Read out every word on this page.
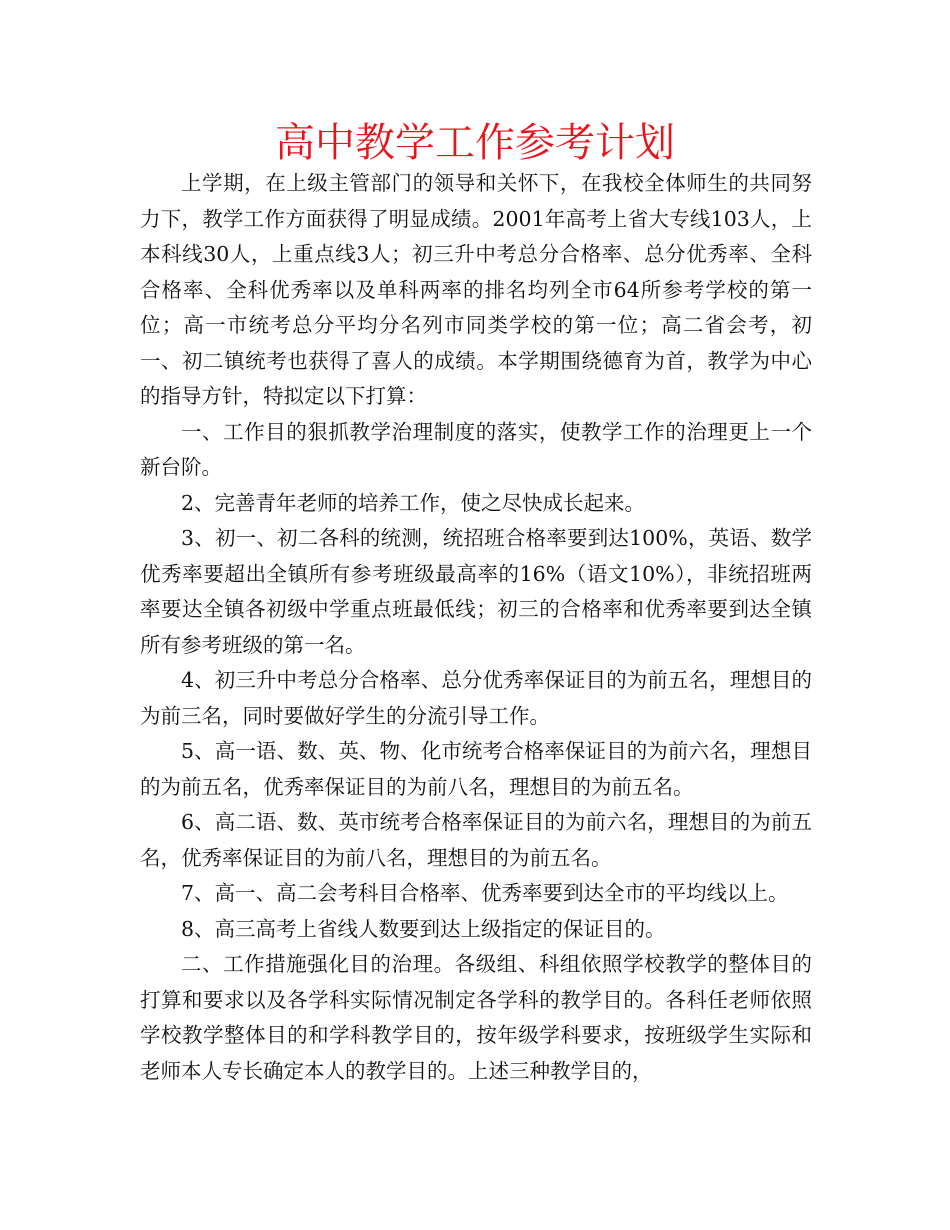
高中教学工作参考计划

上学期，在上级主管部门的领导和关怀下，在我校全体师生的共同努力下，教学工作方面获得了明显成绩。2001年高考上省大专线103人，上本科线30人，上重点线3人；初三升中考总分合格率、总分优秀率、全科合格率、全科优秀率以及单科两率的排名均列全市64所参考学校的第一位；高一市统考总分平均分名列市同类学校的第一位；高二省会考，初一、初二镇统考也获得了喜人的成绩。本学期围绕德育为首，教学为中心的指导方针，特拟定以下打算：

一、工作目的狠抓教学治理制度的落实，使教学工作的治理更上一个新台阶。

2、完善青年老师的培养工作，使之尽快成长起来。

3、初一、初二各科的统测，统招班合格率要到达100%，英语、数学优秀率要超出全镇所有参考班级最高率的16%（语文10%），非统招班两率要达全镇各初级中学重点班最低线；初三的合格率和优秀率要到达全镇所有参考班级的第一名。

4、初三升中考总分合格率、总分优秀率保证目的为前五名，理想目的为前三名，同时要做好学生的分流引导工作。

5、高一语、数、英、物、化市统考合格率保证目的为前六名，理想目的为前五名，优秀率保证目的为前八名，理想目的为前五名。

6、高二语、数、英市统考合格率保证目的为前六名，理想目的为前五名，优秀率保证目的为前八名，理想目的为前五名。

7、高一、高二会考科目合格率、优秀率要到达全市的平均线以上。

8、高三高考上省线人数要到达上级指定的保证目的。

二、工作措施强化目的治理。各级组、科组依照学校教学的整体目的打算和要求以及各学科实际情况制定各学科的教学目的。各科任老师依照学校教学整体目的和学科教学目的，按年级学科要求，按班级学生实际和老师本人专长确定本人的教学目的。上述三种教学目的，
